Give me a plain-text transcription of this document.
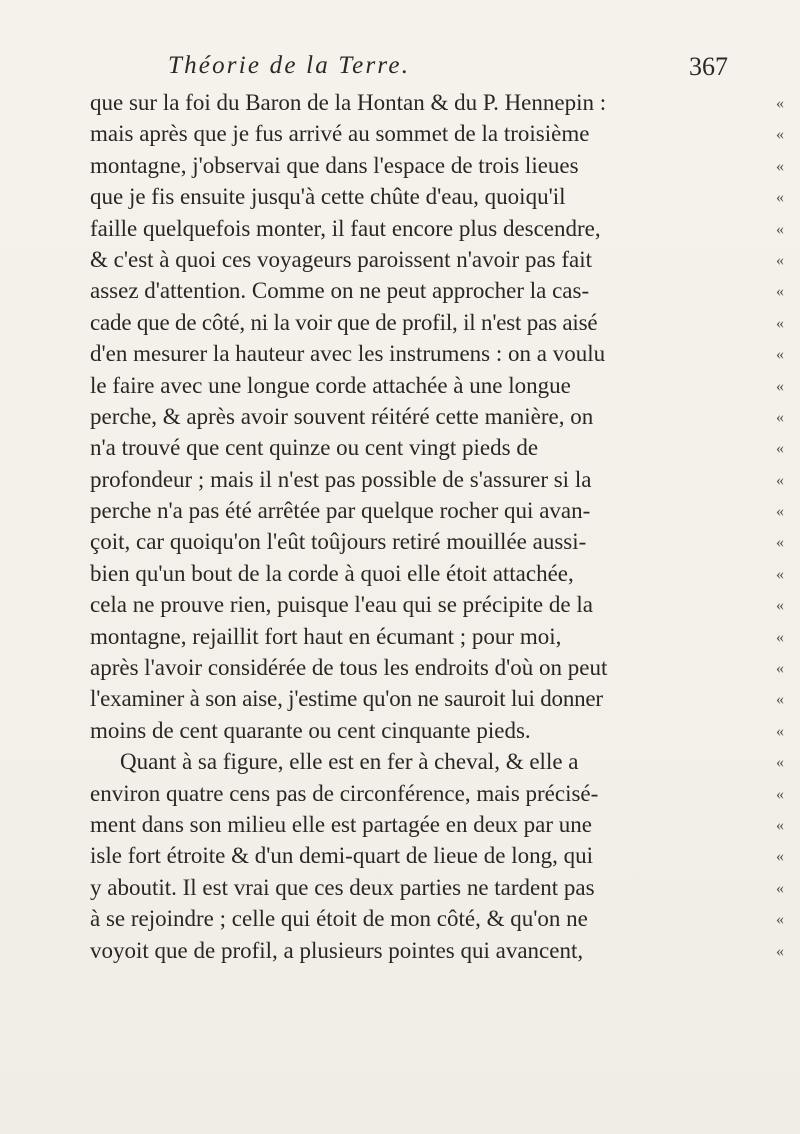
Théorie de la Terre.	367
que sur la foi du Baron de la Hontan & du P. Hennepin :	«
mais après que je fus arrivé au sommet de la troisième	«
montagne, j'observai que dans l'espace de trois lieues	«
que je fis ensuite jusqu'à cette chûte d'eau, quoiqu'il	«
faille quelquefois monter, il faut encore plus descendre,	«
& c'est à quoi ces voyageurs paroissent n'avoir pas fait	«
assez d'attention. Comme on ne peut approcher la cas-	«
cade que de côté, ni la voir que de profil, il n'est pas aisé	«
d'en mesurer la hauteur avec les instrumens : on a voulu	«
le faire avec une longue corde attachée à une longue	«
perche, & après avoir souvent réitéré cette manière, on	«
n'a trouvé que cent quinze ou cent vingt pieds de	«
profondeur ; mais il n'est pas possible de s'assurer si la	«
perche n'a pas été arrêtée par quelque rocher qui avan-	«
çoit, car quoiqu'on l'eût toûjours retiré mouillée aussi-	«
bien qu'un bout de la corde à quoi elle étoit attachée,	«
cela ne prouve rien, puisque l'eau qui se précipite de la	«
montagne, rejaillit fort haut en écumant ; pour moi,	«
après l'avoir considérée de tous les endroits d'où on peut	«
l'examiner à son aise, j'estime qu'on ne sauroit lui donner	«
moins de cent quarante ou cent cinquante pieds.	«
Quant à sa figure, elle est en fer à cheval, & elle a	«
environ quatre cens pas de circonférence, mais précisé-	«
ment dans son milieu elle est partagée en deux par une	«
isle fort étroite & d'un demi-quart de lieue de long, qui	«
y aboutit. Il est vrai que ces deux parties ne tardent pas	«
à se rejoindre ; celle qui étoit de mon côté, & qu'on ne	«
voyoit que de profil, a plusieurs pointes qui avancent,	«
